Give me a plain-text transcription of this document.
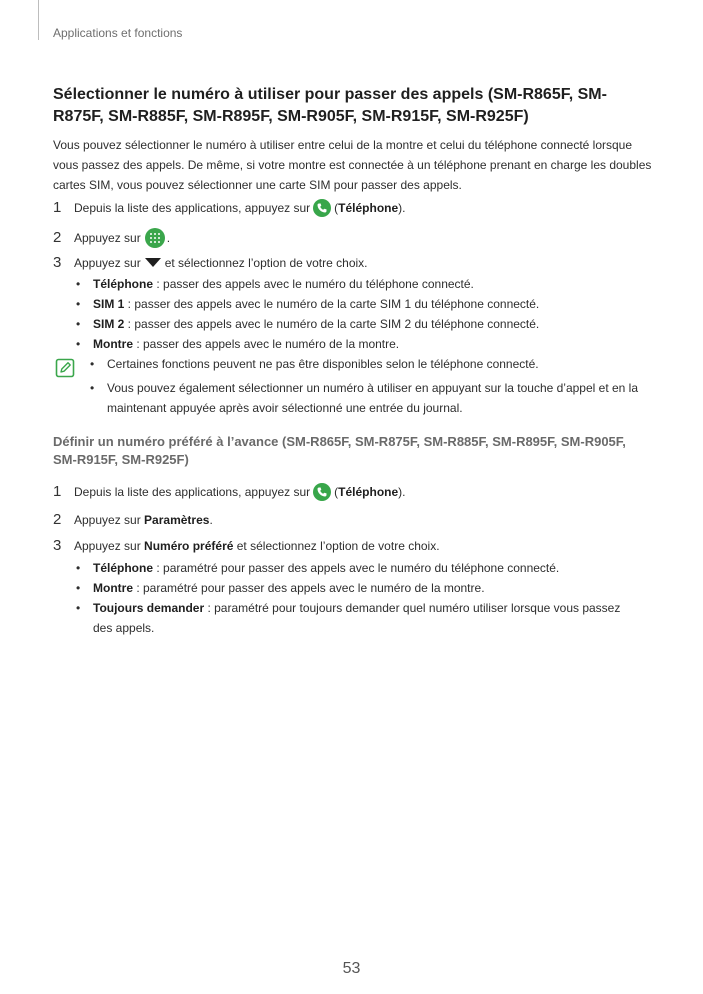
Applications et fonctions
Sélectionner le numéro à utiliser pour passer des appels (SM-R865F, SM-R875F, SM-R885F, SM-R895F, SM-R905F, SM-R915F, SM-R925F)
Vous pouvez sélectionner le numéro à utiliser entre celui de la montre et celui du téléphone connecté lorsque vous passez des appels. De même, si votre montre est connectée à un téléphone prenant en charge les doubles cartes SIM, vous pouvez sélectionner une carte SIM pour passer des appels.
1	Depuis la liste des applications, appuyez sur ( Téléphone ).
2	Appuyez sur .
3	Appuyez sur et sélectionnez l’option de votre choix.
• Téléphone : passer des appels avec le numéro du téléphone connecté.
• SIM 1 : passer des appels avec le numéro de la carte SIM 1 du téléphone connecté.
• SIM 2 : passer des appels avec le numéro de la carte SIM 2 du téléphone connecté.
• Montre : passer des appels avec le numéro de la montre.
• Certaines fonctions peuvent ne pas être disponibles selon le téléphone connecté.
•	Vous pouvez également sélectionner un numéro à utiliser en appuyant sur la touche d’appel et en la maintenant appuyée après avoir sélectionné une entrée du journal.
Définir un numéro préféré à l’avance (SM-R865F, SM-R875F, SM-R885F, SM-R895F, SM-R905F, SM-R915F, SM-R925F)
1	Depuis la liste des applications, appuyez sur ( Téléphone ).
2	Appuyez sur Paramètres .
3	Appuyez sur Numéro préféré et sélectionnez l’option de votre choix.
• Téléphone : paramétré pour passer des appels avec le numéro du téléphone connecté.
• Montre : paramétré pour passer des appels avec le numéro de la montre.
•	Toujours demander : paramétré pour toujours demander quel numéro utiliser lorsque vous passez des appels.
53
